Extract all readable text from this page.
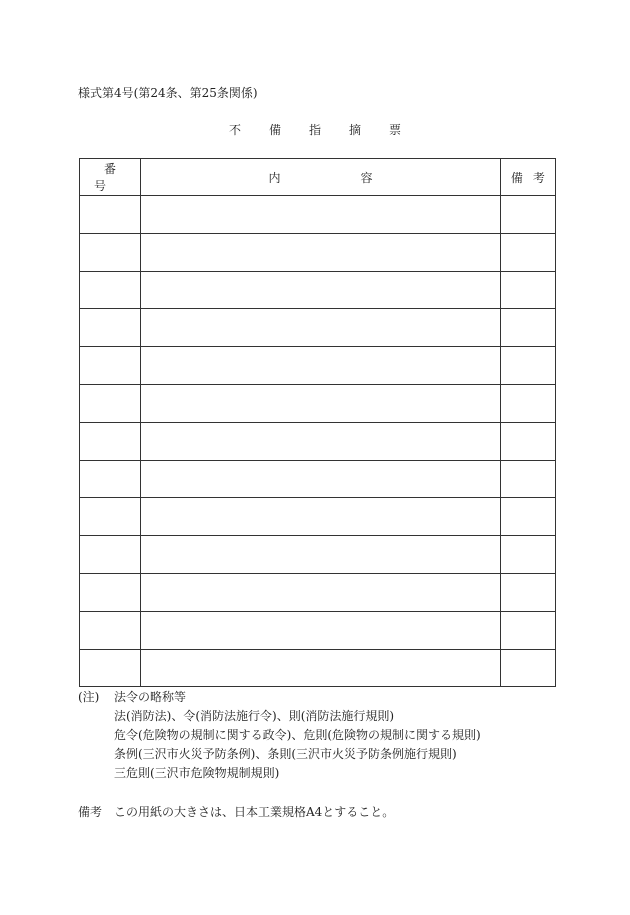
様式第4号(第24条、第25条関係)
不備指摘票
番号	内容	備考

(注)	法令の略称等
法(消防法)、令(消防法施行令)、則(消防法施行規則)
危令(危険物の規制に関する政令)、危則(危険物の規制に関する規則)
条例(三沢市火災予防条例)、条則(三沢市火災予防条例施行規則)
三危則(三沢市危険物規制規則)
備考 この用紙の大きさは、日本工業規格A4とすること。
